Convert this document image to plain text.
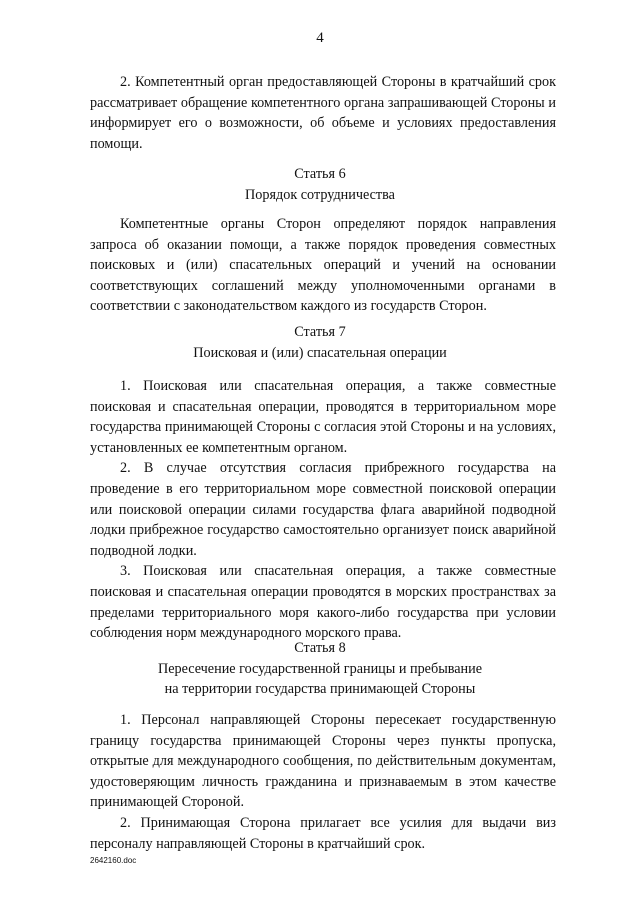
4

2. Компетентный орган предоставляющей Стороны в кратчайший срок рассматривает обращение компетентного органа запрашивающей Стороны и информирует его о возможности, об объеме и условиях предоставления помощи.

Статья 6
Порядок сотрудничества

Компетентные органы Сторон определяют порядок направления запроса об оказании помощи, а также порядок проведения совместных поисковых и (или) спасательных операций и учений на основании соответствующих соглашений между уполномоченными органами в соответствии с законодательством каждого из государств Сторон.

Статья 7
Поисковая и (или) спасательная операции

1. Поисковая или спасательная операция, а также совместные поисковая и спасательная операции, проводятся в территориальном море государства принимающей Стороны с согласия этой Стороны и на условиях, установленных ее компетентным органом.

2. В случае отсутствия согласия прибрежного государства на проведение в его территориальном море совместной поисковой операции или поисковой операции силами государства флага аварийной подводной лодки прибрежное государство самостоятельно организует поиск аварийной подводной лодки.

3. Поисковая или спасательная операция, а также совместные поисковая и спасательная операции проводятся в морских пространствах за пределами территориального моря какого-либо государства при условии соблюдения норм международного морского права.

Статья 8
Пересечение государственной границы и пребывание
на территории государства принимающей Стороны

1. Персонал направляющей Стороны пересекает государственную границу государства принимающей Стороны через пункты пропуска, открытые для международного сообщения, по действительным документам, удостоверяющим личность гражданина и признаваемым в этом качестве принимающей Стороной.

2. Принимающая Сторона прилагает все усилия для выдачи виз персоналу направляющей Стороны в кратчайший срок.

2642160.doc
